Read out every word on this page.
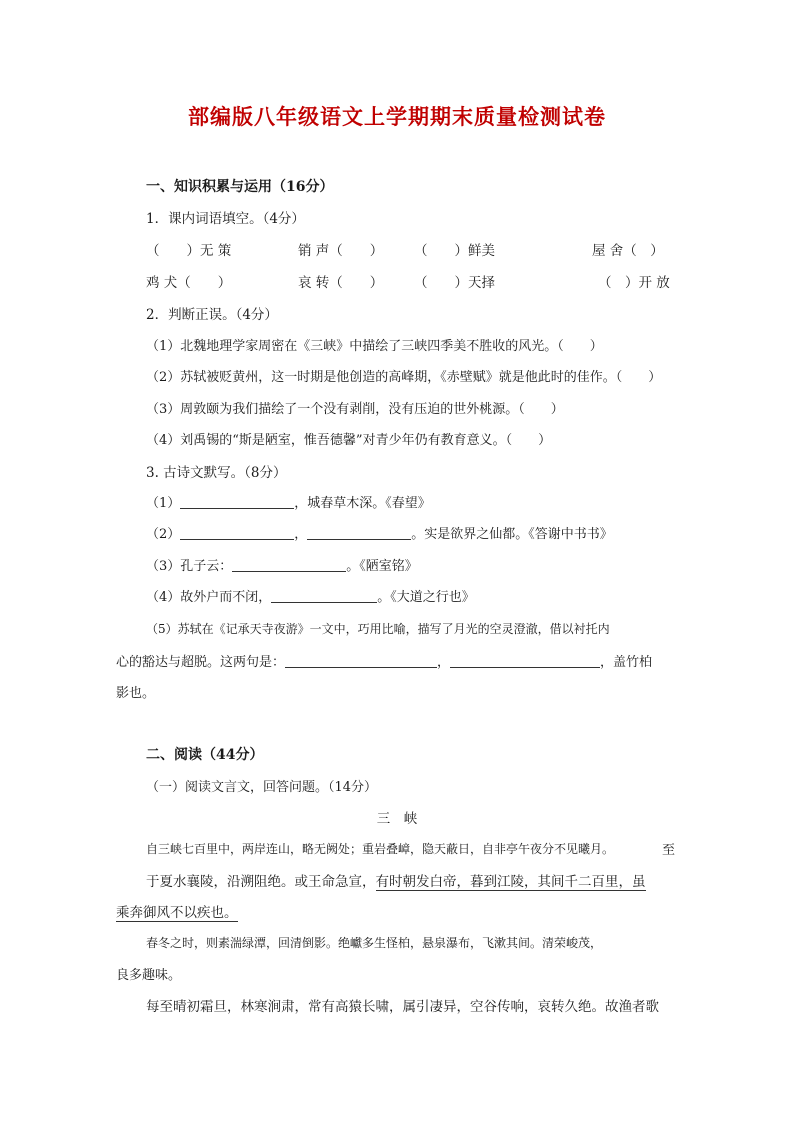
部编版八年级语文上学期期末质量检测试卷
一、知识积累与运用（16分）
1．课内词语填空。（4分）
（　　）无 策	销 声（　　） （　　）鲜美	屋 舍（　）
鸡 犬（　　）	哀 转（　　） （　　）天择	（　）开 放
2．判断正误。（4分）
（1）北魏地理学家周密在《三峡》中描绘了三峡四季美不胜收的风光。（　　）
（2）苏轼被贬黄州，这一时期是他创造的高峰期，《赤壁赋》就是他此时的佳作。（　　）
（3）周敦颐为我们描绘了一个没有剥削，没有压迫的世外桃源。（　　）
（4）刘禹锡的“斯是陋室，惟吾德馨”对青少年仍有教育意义。（　　）
3. 古诗文默写。（8分）
（1）	，城春草木深。《春望》
（2）	，	。实是欲界之仙都。《答谢中书书》
（3）孔子云：	。《陋室铭》
（4）故外户而不闭，	。《大道之行也》
（5）苏轼在《记承天寺夜游》一文中，巧用比喻，描写了月光的空灵澄澈，借以衬托内
心的豁达与超脱。这两句是：	，	，盖竹柏
影也。
二、阅读（44分）
（一）阅读文言文，回答问题。（14分）
三　峡
自三峡七百里中，两岸连山，略无阙处；重岩叠嶂，隐天蔽日，自非亭午夜分不见曦月。	至
于夏水襄陵，沿溯阻绝。或王命急宣，有时朝发白帝，暮到江陵，其间千二百里，虽
乘奔御风不以疾也。
春冬之时，则素湍绿潭，回清倒影。绝巘多生怪柏，悬泉瀑布，飞漱其间。清荣峻茂，
良多趣味。
每至晴初霜旦，林寒涧肃，常有高猿长啸，属引凄异，空谷传响，哀转久绝。故渔者歌
